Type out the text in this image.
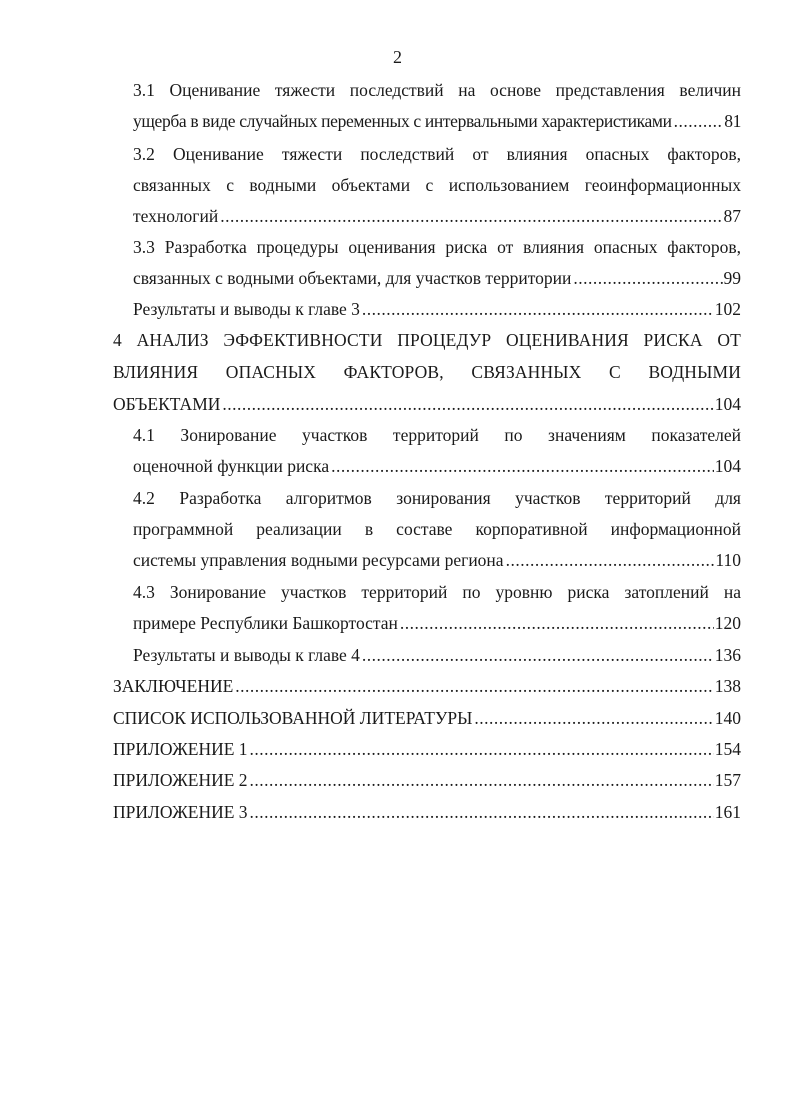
2
3.1 Оценивание тяжести последствий на основе представления величин
ущерба в виде случайных переменных с интервальными характеристиками .....	81
3.2 Оценивание тяжести последствий от влияния опасных факторов,
связанных с водными объектами с использованием геоинформационных
технологий .....	87
3.3 Разработка процедуры оценивания риска от влияния опасных факторов,
связанных с водными объектами, для участков территории .....	99
Результаты и выводы к главе 3 .....	102
4 АНАЛИЗ ЭФФЕКТИВНОСТИ ПРОЦЕДУР ОЦЕНИВАНИЯ РИСКА ОТ
ВЛИЯНИЯ ОПАСНЫХ ФАКТОРОВ, СВЯЗАННЫХ С ВОДНЫМИ
ОБЪЕКТАМИ .....	104
4.1 Зонирование участков территорий по значениям показателей
оценочной функции риска .....	104
4.2 Разработка алгоритмов зонирования участков территорий для
программной реализации в составе корпоративной информационной
системы управления водными ресурсами региона .....	110
4.3 Зонирование участков территорий по уровню риска затоплений на
примере Республики Башкортостан .....	120
Результаты и выводы к главе 4 .....	136
ЗАКЛЮЧЕНИЕ .....	138
СПИСОК ИСПОЛЬЗОВАННОЙ ЛИТЕРАТУРЫ .....	140
ПРИЛОЖЕНИЕ 1 .....	154
ПРИЛОЖЕНИЕ 2 .....	157
ПРИЛОЖЕНИЕ 3 .....	161
